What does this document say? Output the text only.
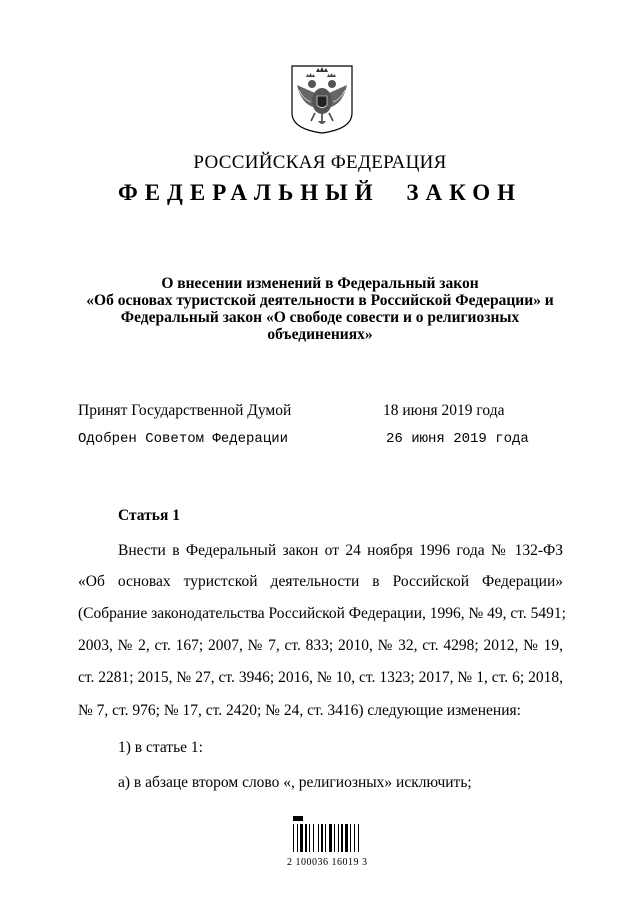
РОССИЙСКАЯ ФЕДЕРАЦИЯ
ФЕДЕРАЛЬНЫЙ ЗАКОН
О внесении изменений в Федеральный закон
«Об основах туристской деятельности в Российской Федерации» и
Федеральный закон «О свободе совести и о религиозных
объединениях»
Принят Государственной Думой	18 июня 2019 года
Одобрен Советом Федерации	26 июня 2019 года
Статья 1
Внести в Федеральный закон от 24 ноября 1996 года № 132-ФЗ
«Об основах туристской деятельности в Российской Федерации»
(Собрание законодательства Российской Федерации, 1996, № 49, ст. 5491;
2003, № 2, ст. 167; 2007, № 7, ст. 833; 2010, № 32, ст. 4298; 2012, № 19,
ст. 2281; 2015, № 27, ст. 3946; 2016, № 10, ст. 1323; 2017, № 1, ст. 6; 2018,
№ 7, ст. 976; № 17, ст. 2420; № 24, ст. 3416) следующие изменения:
1) в статье 1:
а) в абзаце втором слово «, религиозных» исключить;
2 100036 16019 3
